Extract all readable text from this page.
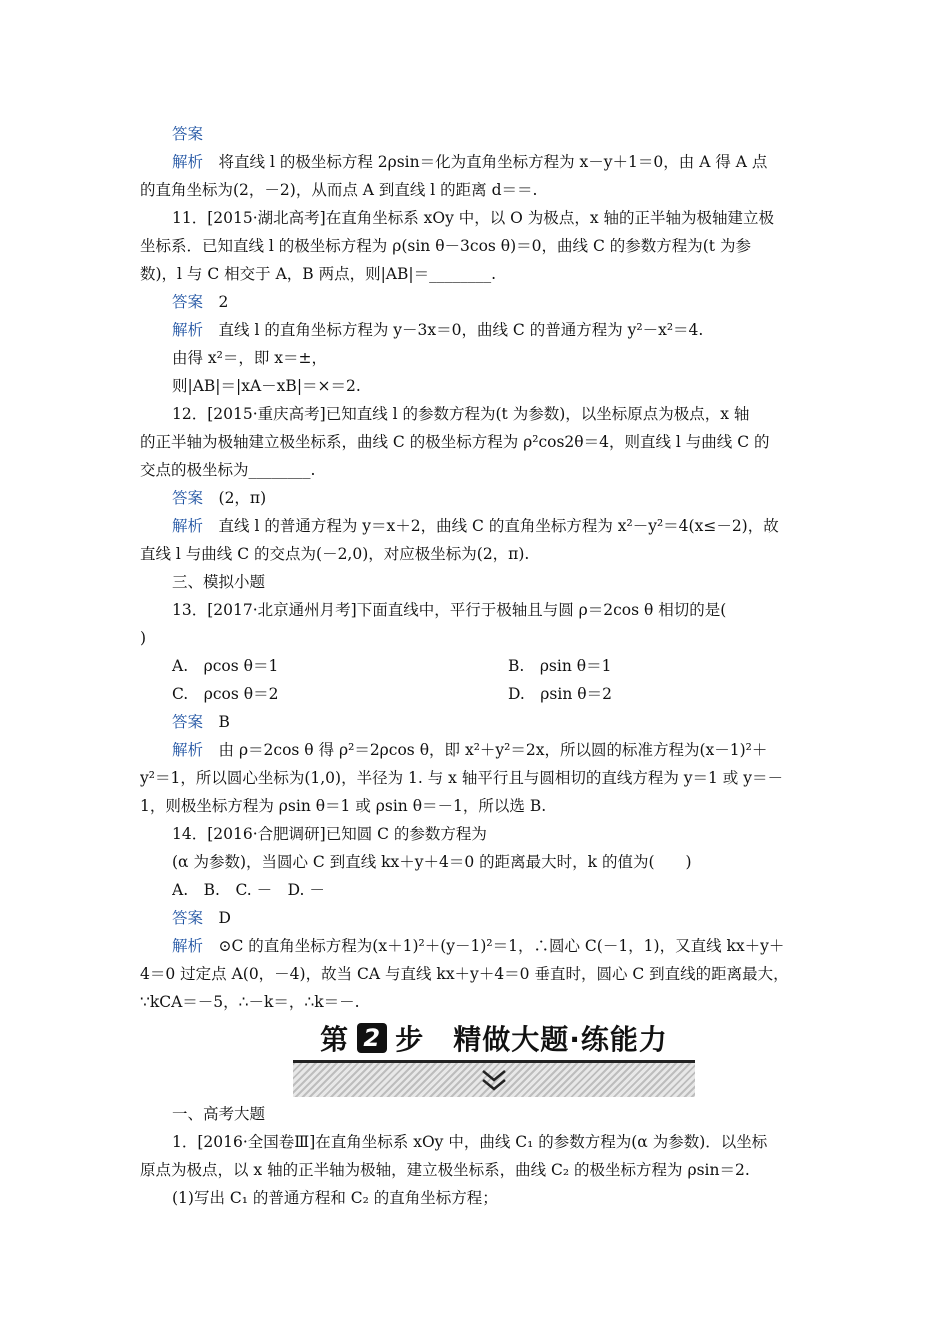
A.　ρcos θ＝1	B.　ρsin θ＝1
C.　ρcos θ＝2	D.　ρsin θ＝2
第 2 步　精做大题·练能力
答案
解析　将直线 l 的极坐标方程 2ρsin＝化为直角坐标方程为 x－y＋1＝0，由 A 得 A 点
的直角坐标为(2，－2)，从而点 A 到直线 l 的距离 d＝＝.
11．[2015·湖北高考]在直角坐标系 xOy 中，以 O 为极点，x 轴的正半轴为极轴建立极
坐标系．已知直线 l 的极坐标方程为 ρ(sin θ－3cos θ)＝0，曲线 C 的参数方程为(t 为参
数)，l 与 C 相交于 A，B 两点，则|AB|＝________.
答案　2
解析　直线 l 的直角坐标方程为 y－3x＝0，曲线 C 的普通方程为 y²－x²＝4.
由得 x²＝，即 x＝±，
则|AB|＝|xA－xB|＝×＝2.
12．[2015·重庆高考]已知直线 l 的参数方程为(t 为参数)，以坐标原点为极点，x 轴
的正半轴为极轴建立极坐标系，曲线 C 的极坐标方程为 ρ²cos2θ＝4，则直线 l 与曲线 C 的
交点的极坐标为________.
答案　(2，π)
解析　直线 l 的普通方程为 y＝x＋2，曲线 C 的直角坐标方程为 x²－y²＝4(x≤－2)，故
直线 l 与曲线 C 的交点为(－2,0)，对应极坐标为(2，π).
三、模拟小题
13．[2017·北京通州月考]下面直线中，平行于极轴且与圆 ρ＝2cos θ 相切的是(
)
答案　B
解析　由 ρ＝2cos θ 得 ρ²＝2ρcos θ，即 x²＋y²＝2x，所以圆的标准方程为(x－1)²＋
y²＝1，所以圆心坐标为(1,0)，半径为 1. 与 x 轴平行且与圆相切的直线方程为 y＝1 或 y＝－
1，则极坐标方程为 ρsin θ＝1 或 ρsin θ＝－1，所以选 B.
14．[2016·合肥调研]已知圆 C 的参数方程为
(α 为参数)，当圆心 C 到直线 kx＋y＋4＝0 的距离最大时，k 的值为(　　)
A.　B.　C. －　D. －
答案　D
解析　⊙C 的直角坐标方程为(x＋1)²＋(y－1)²＝1，∴圆心 C(－1，1)，又直线 kx＋y＋
4＝0 过定点 A(0，－4)，故当 CA 与直线 kx＋y＋4＝0 垂直时，圆心 C 到直线的距离最大，
∵kCA＝－5，∴－k＝，∴k＝－.
一、高考大题
1．[2016·全国卷Ⅲ]在直角坐标系 xOy 中，曲线 C₁ 的参数方程为(α 为参数)．以坐标
原点为极点，以 x 轴的正半轴为极轴，建立极坐标系，曲线 C₂ 的极坐标方程为 ρsin＝2.
(1)写出 C₁ 的普通方程和 C₂ 的直角坐标方程；
